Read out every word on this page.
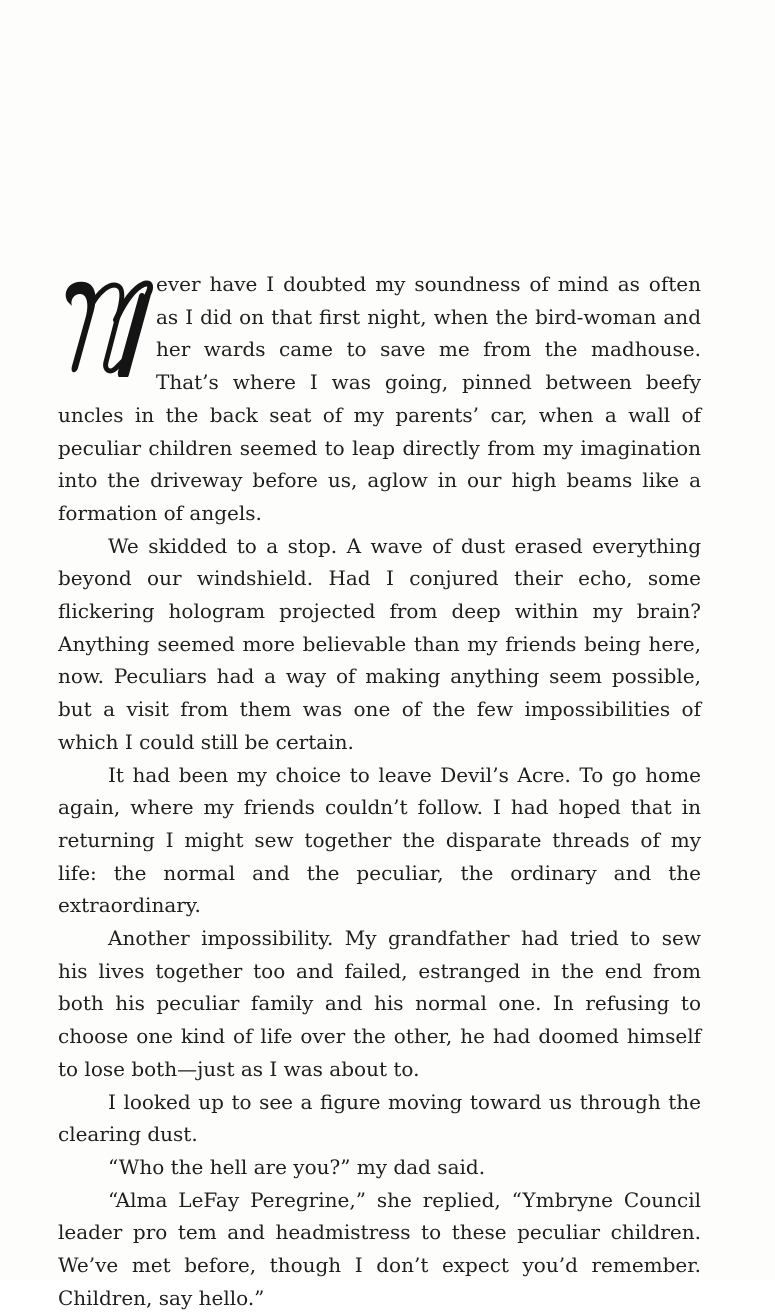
ever have I doubted my soundness of mind as often as I did on that first night, when the bird-woman and her wards came to save me from the madhouse. That’s where I was going, pinned between beefy uncles in the back seat of my parents’ car, when a wall of peculiar children seemed to leap directly from my imagination into the driveway before us, aglow in our high beams like a formation of angels.

We skidded to a stop. A wave of dust erased everything beyond our windshield. Had I conjured their echo, some flickering hologram projected from deep within my brain? Anything seemed more believable than my friends being here, now. Peculiars had a way of making anything seem possible, but a visit from them was one of the few impossibilities of which I could still be certain.

It had been my choice to leave Devil’s Acre. To go home again, where my friends couldn’t follow. I had hoped that in returning I might sew together the disparate threads of my life: the normal and the peculiar, the ordinary and the extraordinary.

Another impossibility. My grandfather had tried to sew his lives together too and failed, estranged in the end from both his peculiar family and his normal one. In refusing to choose one kind of life over the other, he had doomed himself to lose both—just as I was about to.

I looked up to see a figure moving toward us through the clearing dust.

“Who the hell are you?” my dad said.

“Alma LeFay Peregrine,” she replied, “Ymbryne Council leader pro tem and headmistress to these peculiar children. We’ve met before, though I don’t expect you’d remember. Children, say hello.”
